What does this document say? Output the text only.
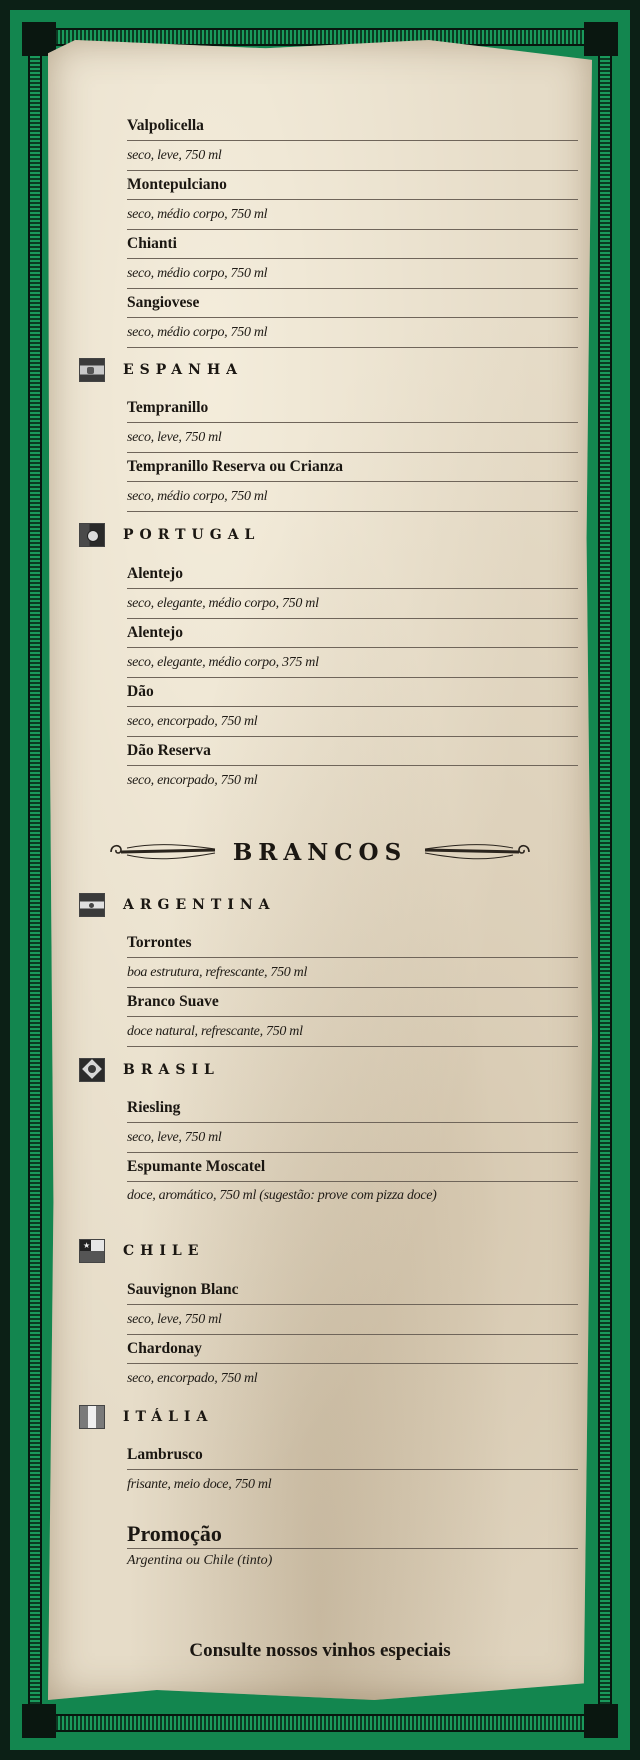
Valpolicella
seco, leve, 750 ml
Montepulciano
seco, médio corpo, 750 ml
Chianti
seco, médio corpo, 750 ml
Sangiovese
seco, médio corpo, 750 ml
ESPANHA
Tempranillo
seco, leve, 750 ml
Tempranillo Reserva ou Crianza
seco, médio corpo, 750 ml
PORTUGAL
Alentejo
seco, elegante, médio corpo, 750 ml
Alentejo
seco, elegante, médio corpo, 375 ml
Dão
seco, encorpado, 750 ml
Dão Reserva
seco, encorpado, 750 ml
BRANCOS
ARGENTINA
Torrontes
boa estrutura, refrescante, 750 ml
Branco Suave
doce natural, refrescante, 750 ml
BRASIL
Riesling
seco, leve, 750 ml
Espumante Moscatel
doce, aromático, 750 ml (sugestão: prove com pizza doce)
★ CHILE
Sauvignon Blanc
seco, leve, 750 ml
Chardonay
seco, encorpado, 750 ml
ITÁLIA
Lambrusco
frisante, meio doce, 750 ml
Promoção
Argentina ou Chile (tinto)
Consulte nossos vinhos especiais
